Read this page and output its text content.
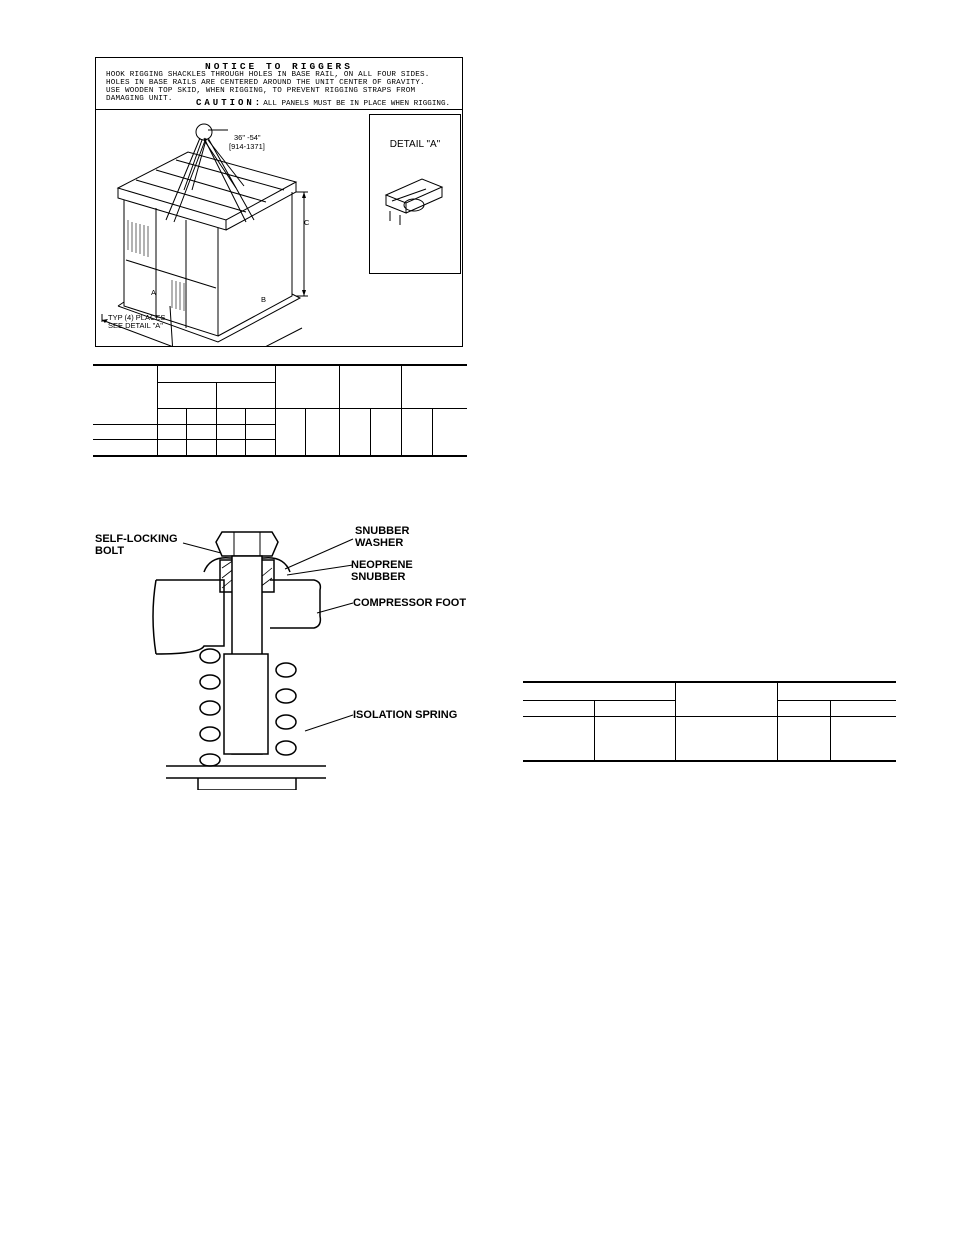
NOTICE TO RIGGERS
HOOK RIGGING SHACKLES THROUGH HOLES IN BASE RAIL, ON ALL FOUR SIDES.
HOLES IN BASE RAILS ARE CENTERED AROUND THE UNIT CENTER OF GRAVITY.
USE WOODEN TOP SKID, WHEN RIGGING, TO PREVENT RIGGING STRAPS FROM
DAMAGING UNIT.	CAUTION:ALL PANELS MUST BE IN PLACE WHEN RIGGING.
36" -54"
[914-1371]
C
A
B
TYP (4) PLACES
SEE DETAIL "A"
DETAIL "A"
SELF-LOCKING
BOLT
SNUBBER
WASHER
NEOPRENE
SNUBBER
COMPRESSOR FOOT
ISOLATION SPRING
